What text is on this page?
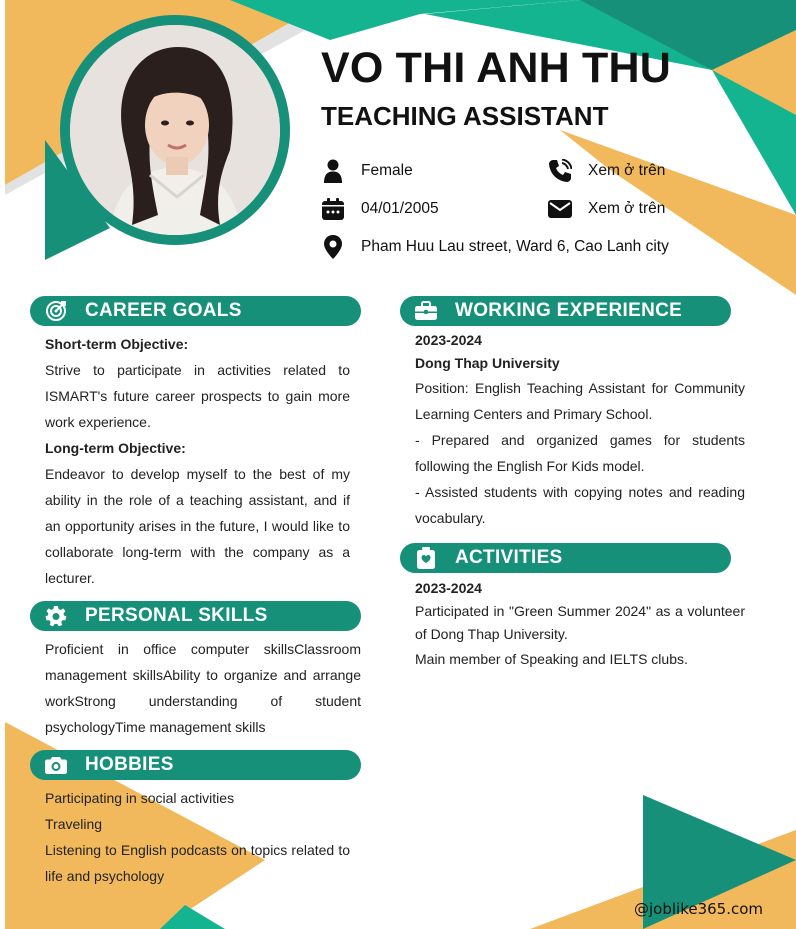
VO THI ANH THU
TEACHING ASSISTANT
Female
04/01/2005
Pham Huu Lau street, Ward 6, Cao Lanh city
Xem ở trên
Xem ở trên
CAREER GOALS

Short-term Objective:

Strive to participate in activities related to ISMART's future career prospects to gain more work experience.

Long-term Objective:

Endeavor to develop myself to the best of my ability in the role of a teaching assistant, and if an opportunity arises in the future, I would like to collaborate long-term with the company as a lecturer.

PERSONAL SKILLS

Proficient in office computer skillsClassroom management skillsAbility to organize and arrange workStrong understanding of student psychologyTime management skills

HOBBIES

Participating in social activities

Traveling

Listening to English podcasts on topics related to life and psychology

WORKING EXPERIENCE

2023-2024

Dong Thap University

Position: English Teaching Assistant for Community Learning Centers and Primary School.

- Prepared and organized games for students following the English For Kids model.

- Assisted students with copying notes and reading vocabulary.

ACTIVITIES

2023-2024

Participated in "Green Summer 2024" as a volunteer of Dong Thap University.

Main member of Speaking and IELTS clubs.

@joblike365.com
